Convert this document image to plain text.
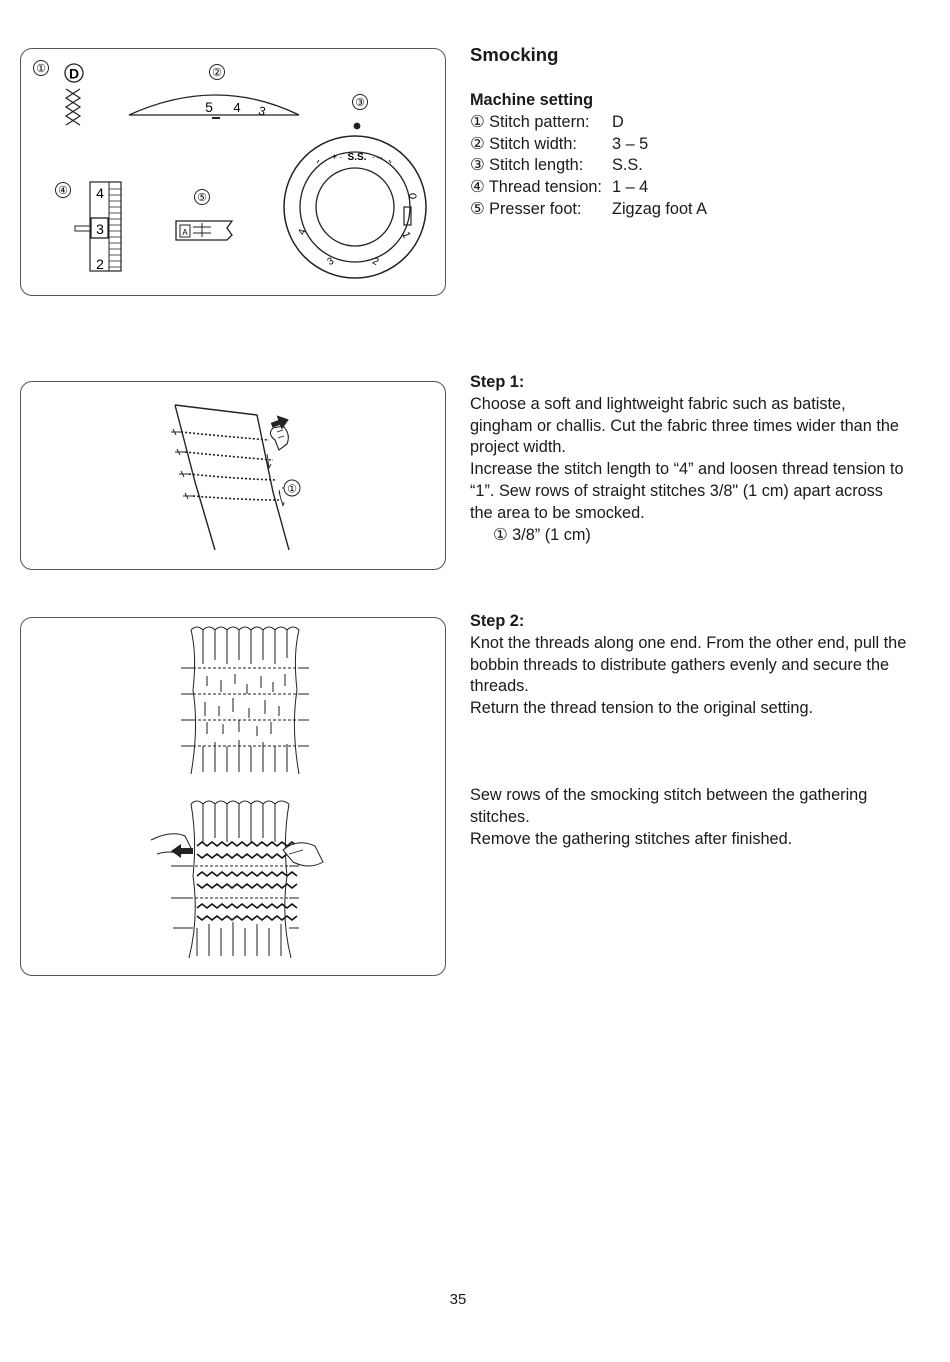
① D	②
5 4 3
③
S.S.
+ ·	· –
0
1
2
3
4
④ 4
3
2
⑤
A
①
Smocking
Machine setting
① Stitch pattern:	D
② Stitch width:	3 – 5
③ Stitch length:	S.S.
④ Thread tension: 1 – 4
⑤ Presser foot:	Zigzag foot A
Step 1:
Choose a soft and lightweight fabric such as batiste, gingham or challis. Cut the fabric three times wider than the project width.
Increase the stitch length to “4” and loosen thread tension to “1”. Sew rows of straight stitches 3/8" (1 cm) apart across the area to be smocked.
① 3/8” (1 cm)
Step 2:
Knot the threads along one end. From the other end, pull the bobbin threads to distribute gathers evenly and secure the threads.
Return the thread tension to the original setting.
Sew rows of the smocking stitch between the gathering stitches.
Remove the gathering stitches after finished.
35
